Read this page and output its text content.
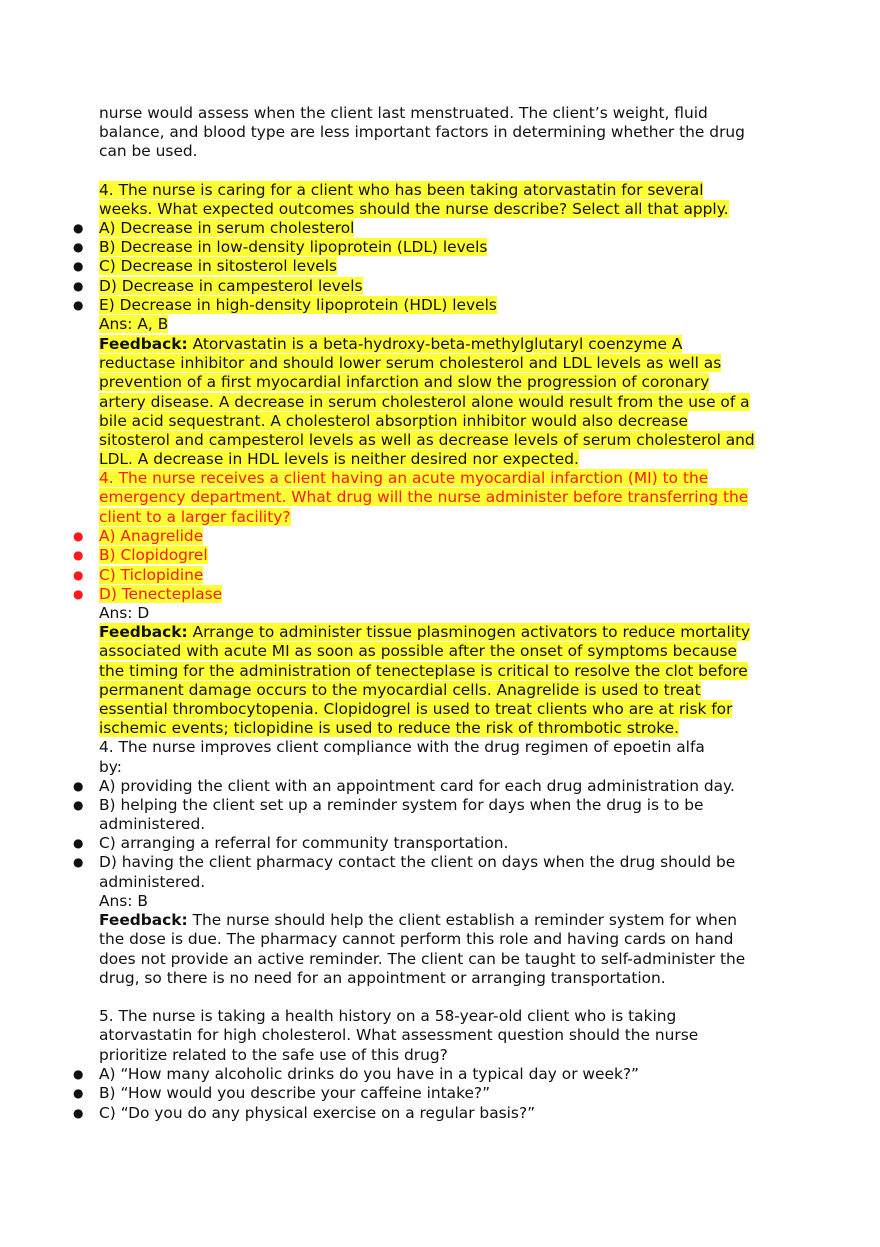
nurse would assess when the client last menstruated. The client’s weight, fluid
balance, and blood type are less important factors in determining whether the drug
can be used.
4. The nurse is caring for a client who has been taking atorvastatin for several
weeks. What expected outcomes should the nurse describe? Select all that apply.
● A) Decrease in serum cholesterol
● B) Decrease in low-density lipoprotein (LDL) levels
● C) Decrease in sitosterol levels
● D) Decrease in campesterol levels
● E) Decrease in high-density lipoprotein (HDL) levels
Ans: A, B
Feedback: Atorvastatin is a beta-hydroxy-beta-methylglutaryl coenzyme A
reductase inhibitor and should lower serum cholesterol and LDL levels as well as
prevention of a first myocardial infarction and slow the progression of coronary
artery disease. A decrease in serum cholesterol alone would result from the use of a
bile acid sequestrant. A cholesterol absorption inhibitor would also decrease
sitosterol and campesterol levels as well as decrease levels of serum cholesterol and
LDL. A decrease in HDL levels is neither desired nor expected.
4. The nurse receives a client having an acute myocardial infarction (MI) to the
emergency department. What drug will the nurse administer before transferring the
client to a larger facility?
● A) Anagrelide
● B) Clopidogrel
● C) Ticlopidine
● D) Tenecteplase
Ans: D
Feedback: Arrange to administer tissue plasminogen activators to reduce mortality
associated with acute MI as soon as possible after the onset of symptoms because
the timing for the administration of tenecteplase is critical to resolve the clot before
permanent damage occurs to the myocardial cells. Anagrelide is used to treat
essential thrombocytopenia. Clopidogrel is used to treat clients who are at risk for
ischemic events; ticlopidine is used to reduce the risk of thrombotic stroke.
4. The nurse improves client compliance with the drug regimen of epoetin alfa
by:
● A) providing the client with an appointment card for each drug administration day.
● B) helping the client set up a reminder system for days when the drug is to be
administered.
● C) arranging a referral for community transportation.
● D) having the client pharmacy contact the client on days when the drug should be
administered.
Ans: B
Feedback: The nurse should help the client establish a reminder system for when
the dose is due. The pharmacy cannot perform this role and having cards on hand
does not provide an active reminder. The client can be taught to self-administer the
drug, so there is no need for an appointment or arranging transportation.
5. The nurse is taking a health history on a 58-year-old client who is taking
atorvastatin for high cholesterol. What assessment question should the nurse
prioritize related to the safe use of this drug?
● A) “How many alcoholic drinks do you have in a typical day or week?”
● B) “How would you describe your caffeine intake?”
● C) “Do you do any physical exercise on a regular basis?”
